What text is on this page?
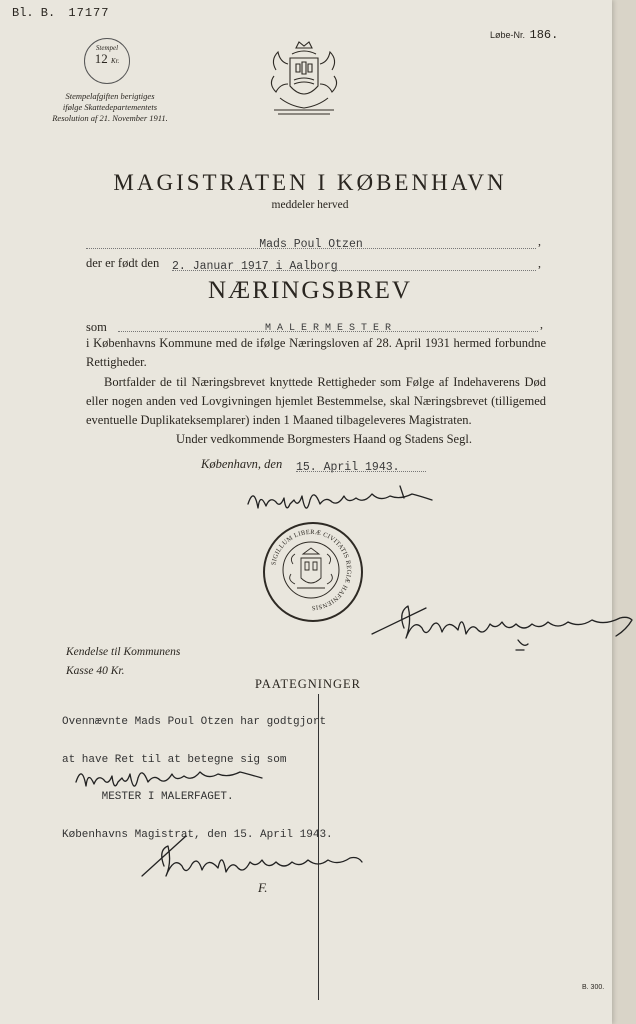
Bl. B. 17177
Løbe-Nr. 186.
Stempel
12 Kr.
Stempelafgiften berigtiges
ifølge Skattedepartementets
Resolution af 21. November 1911.
MAGISTRATEN I KØBENHAVN
meddeler herved
Mads Poul Otzen	,
der er født den 2. Januar 1917 i Aalborg	,
NÆRINGSBREV
som	M A L E R M E S T E R	,
i Københavns Kommune med de ifølge Næringsloven af 28. April 1931 hermed forbundne Rettigheder.
Bortfalder de til Næringsbrevet knyttede Rettigheder som Følge af Indehaverens Død eller nogen anden ved Lovgivningen hjemlet Bestemmelse, skal Næringsbrevet (tilligemed eventuelle Duplikateksemplarer) inden 1 Maaned tilbageleveres Magistraten.
Under vedkommende Borgmesters Haand og Stadens Segl.
København, den 15. April 1943.
SIGILLUM LIBERÆ CIVITATIS REGIÆ HAFNIENSIS
Kendelse til Kommunens
Kasse 40 Kr.
PAATEGNINGER

Ovennævnte Mads Poul Otzen har godtgjort

at have Ret til at betegne sig som

MESTER I MALERFAGET.

Københavns Magistrat, den 15. April 1943.

F.
B. 300.
